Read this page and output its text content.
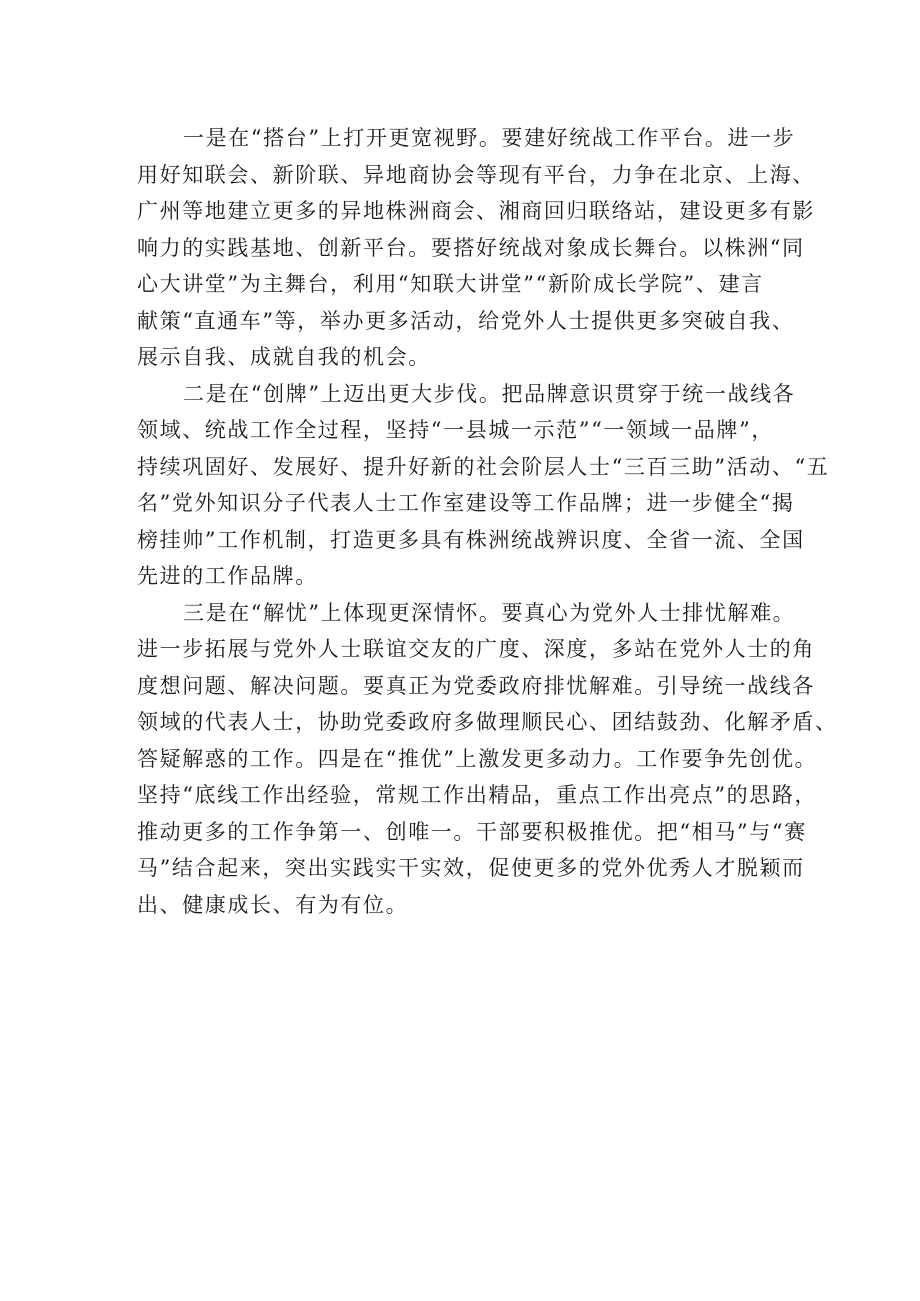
一是在“搭台”上打开更宽视野。要建好统战工作平台。进一步
用好知联会、新阶联、异地商协会等现有平台，力争在北京、上海、
广州等地建立更多的异地株洲商会、湘商回归联络站，建设更多有影
响力的实践基地、创新平台。要搭好统战对象成长舞台。以株洲“同
心大讲堂”为主舞台，利用“知联大讲堂”“新阶成长学院”、建言
献策“直通车”等，举办更多活动，给党外人士提供更多突破自我、
展示自我、成就自我的机会。
二是在“创牌”上迈出更大步伐。把品牌意识贯穿于统一战线各
领域、统战工作全过程，坚持“一县城一示范”“一领域一品牌”，
持续巩固好、发展好、提升好新的社会阶层人士“三百三助”活动、“五
名”党外知识分子代表人士工作室建设等工作品牌；进一步健全“揭
榜挂帅”工作机制，打造更多具有株洲统战辨识度、全省一流、全国
先进的工作品牌。
三是在“解忧”上体现更深情怀。要真心为党外人士排忧解难。
进一步拓展与党外人士联谊交友的广度、深度，多站在党外人士的角
度想问题、解决问题。要真正为党委政府排忧解难。引导统一战线各
领域的代表人士，协助党委政府多做理顺民心、团结鼓劲、化解矛盾、
答疑解惑的工作。四是在“推优”上激发更多动力。工作要争先创优。
坚持“底线工作出经验，常规工作出精品，重点工作出亮点”的思路，
推动更多的工作争第一、创唯一。干部要积极推优。把“相马”与“赛
马”结合起来，突出实践实干实效，促使更多的党外优秀人才脱颖而
出、健康成长、有为有位。
